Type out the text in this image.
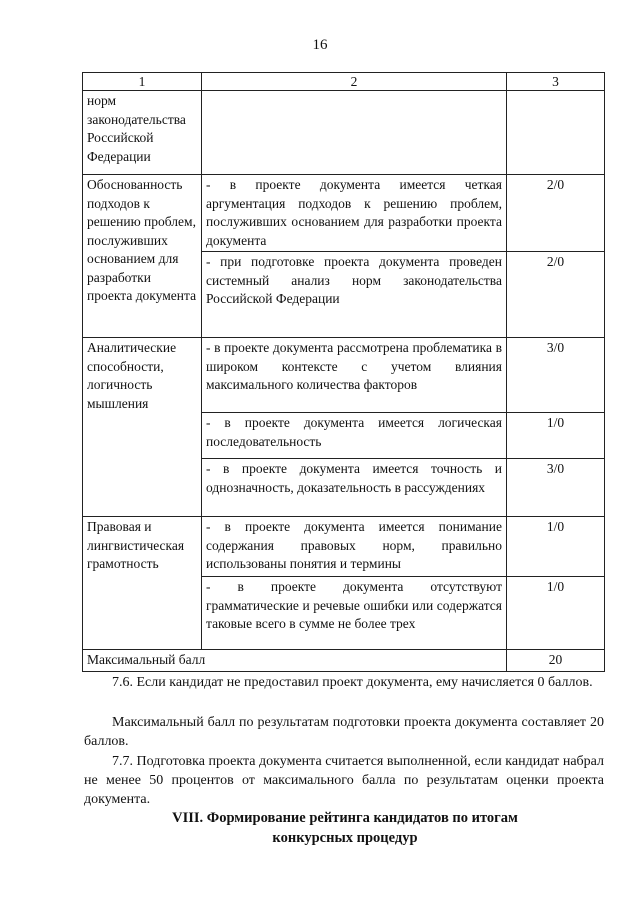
16
1	2	3
норм законодательства Российской Федерации		
Обоснованность подходов к решению проблем, послуживших основанием для разработки проекта документа	- в проекте документа имеется четкая аргументация подходов к решению проблем, послуживших основанием для разработки проекта документа	2/0
	- при подготовке проекта документа проведен системный анализ норм законодательства Российской Федерации	2/0
Аналитические способности, логичность мышления	- в проекте документа рассмотрена проблематика в широком контексте с учетом влияния максимального количества факторов	3/0
	- в проекте документа имеется логическая последовательность	1/0
	- в проекте документа имеется точность и однозначность, доказательность в рассуждениях	3/0
Правовая и лингвистическая грамотность	- в проекте документа имеется понимание содержания правовых норм, правильно использованы понятия и термины	1/0
	- в проекте документа отсутствуют грамматические и речевые ошибки или содержатся таковые всего в сумме не более трех	1/0
Максимальный балл		20

7.6. Если кандидат не предоставил проект документа, ему начисляется 0 баллов.

Максимальный балл по результатам подготовки проекта документа составляет 20 баллов.

7.7. Подготовка проекта документа считается выполненной, если кандидат набрал не менее 50 процентов от максимального балла по результатам оценки проекта документа.

VIII. Формирование рейтинга кандидатов по итогам конкурсных процедур
